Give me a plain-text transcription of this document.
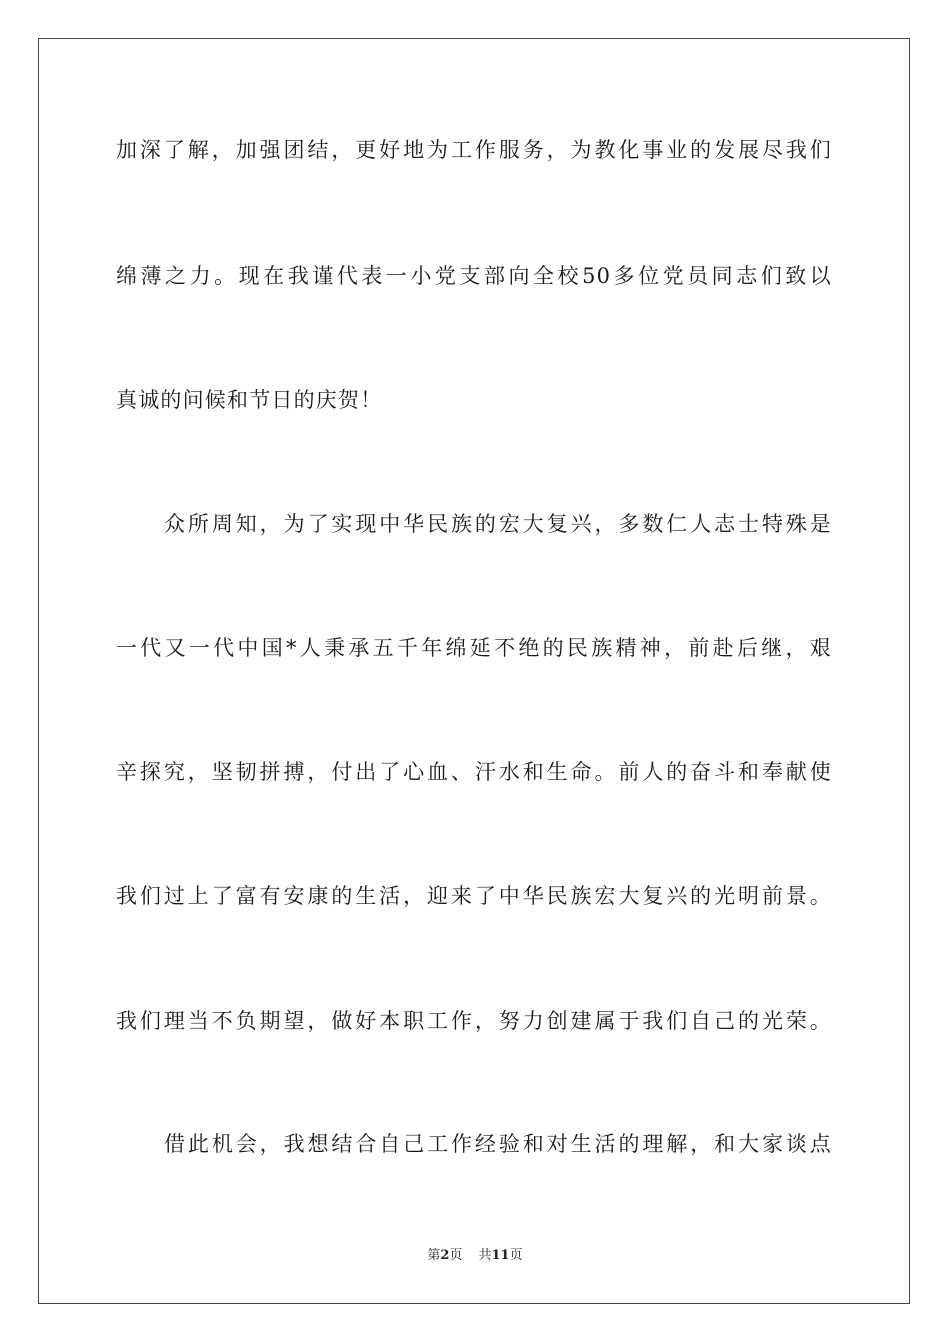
加深了解，加强团结，更好地为工作服务，为教化事业的发展尽我们
绵薄之力。现在我谨代表一小党支部向全校50多位党员同志们致以
真诚的问候和节日的庆贺！
众所周知，为了实现中华民族的宏大复兴，多数仁人志士特殊是
一代又一代中国*人秉承五千年绵延不绝的民族精神，前赴后继，艰
辛探究，坚韧拼搏，付出了心血、汗水和生命。前人的奋斗和奉献使
我们过上了富有安康的生活，迎来了中华民族宏大复兴的光明前景。
我们理当不负期望，做好本职工作，努力创建属于我们自己的光荣。
借此机会，我想结合自己工作经验和对生活的理解，和大家谈点
第2页 共11页
